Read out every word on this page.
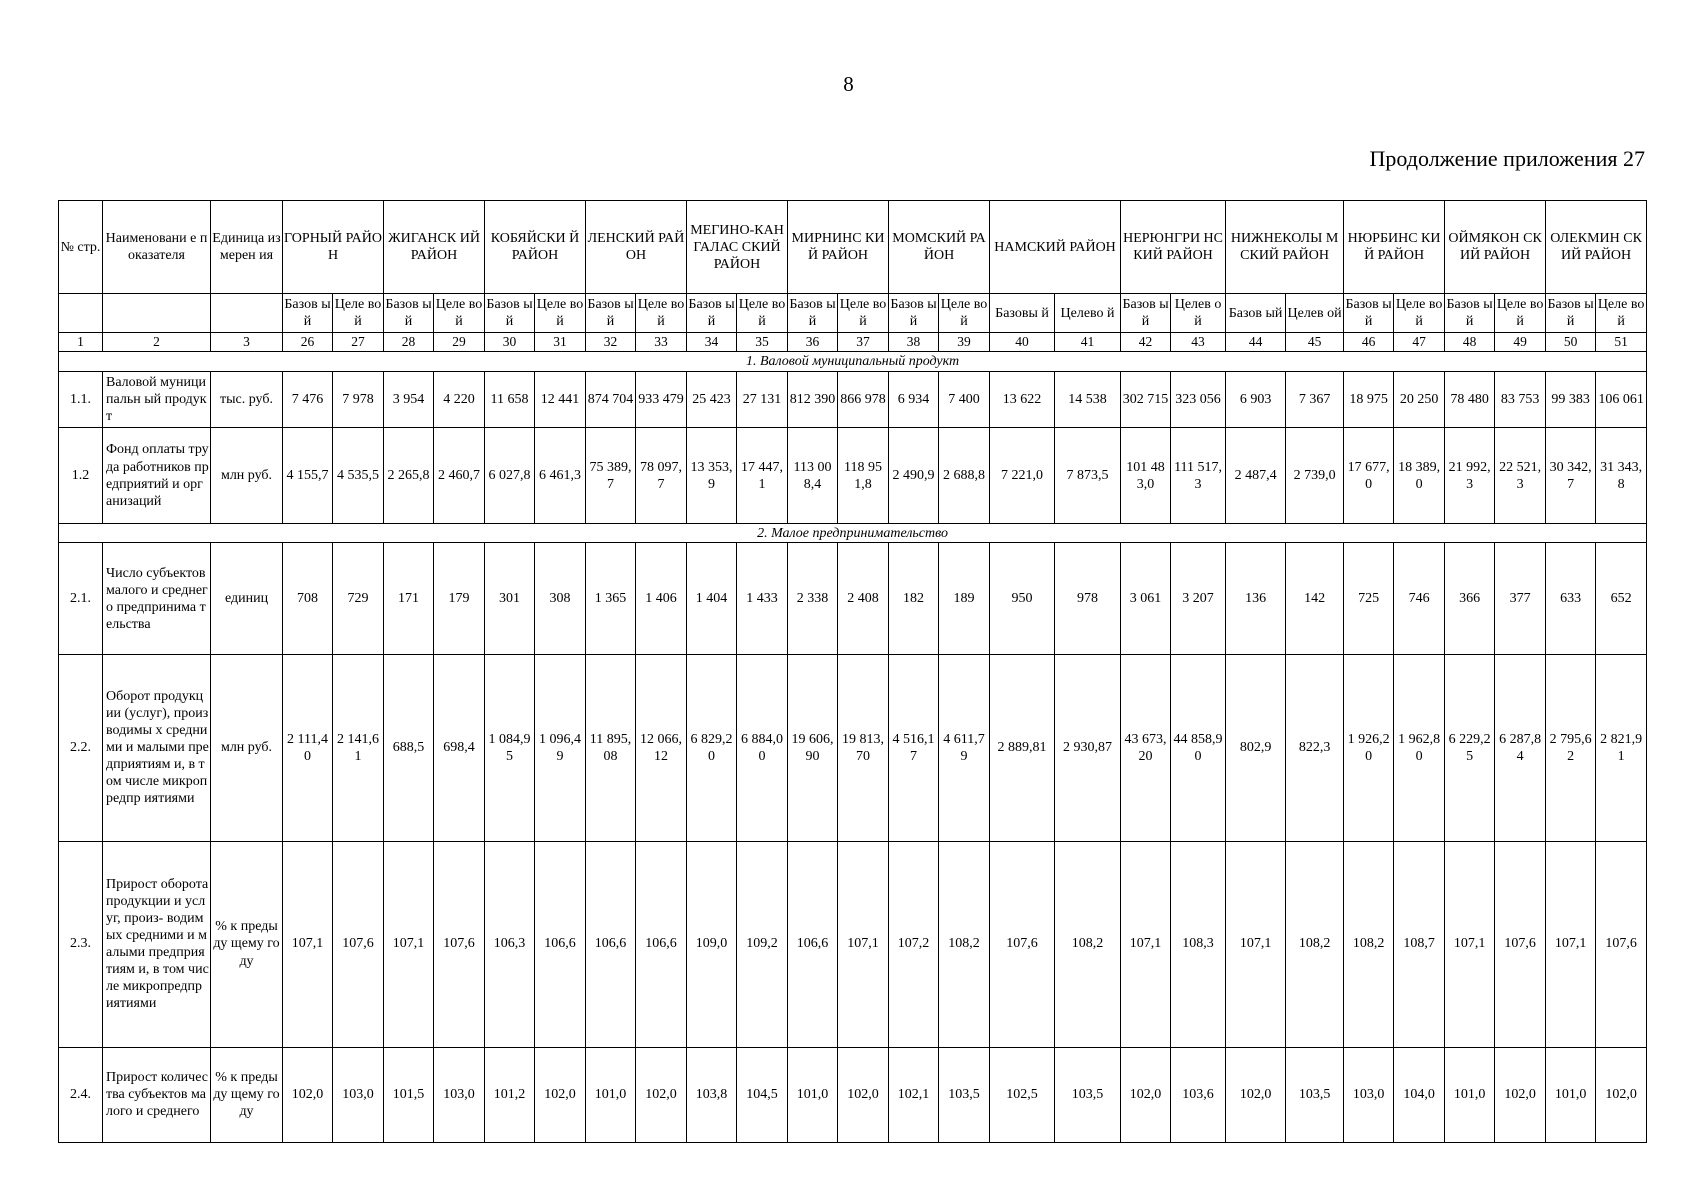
8
Продолжение приложения 27
№ стр.	Наименовани е показателя	Единица измерен ия	ГОРНЫЙ РАЙОН		ЖИГАНСК ИЙ РАЙОН		КОБЯЙСКИ Й РАЙОН		ЛЕНСКИЙ РАЙОН		МЕГИНО-КАНГАЛАС СКИЙ РАЙОН		МИРНИНС КИЙ РАЙОН		МОМСКИЙ РАЙОН		НАМСКИЙ РАЙОН		НЕРЮНГРИ НСКИЙ РАЙОН		НИЖНЕКОЛЫ МСКИЙ РАЙОН		НЮРБИНС КИЙ РАЙОН		ОЙМЯКОН СКИЙ РАЙОН		ОЛЕКМИН СКИЙ РАЙОН	
			Базов ый	Целе вой	Базов ый	Целе вой	Базов ый	Целе вой	Базов ый	Целе вой	Базов ый	Целе вой	Базов ый	Целе вой	Базов ый	Целе вой	Базовы й	Целево й	Базов ый	Целев ой	Базов ый	Целев ой	Базов ый	Целе вой	Базов ый	Целе вой	Базов ый	Целе вой
1	2	3	26	27	28	29	30	31	32	33	34	35	36	37	38	39	40	41	42	43	44	45	46	47	48	49	50	51
1. Валовой муниципальный продукт																												
1.1.	Валовой муниципальн ый продукт	тыс. руб.	7 476	7 978	3 954	4 220	11 658	12 441	874 704	933 479	25 423	27 131	812 390	866 978	6 934	7 400	13 622	14 538	302 715	323 056	6 903	7 367	18 975	20 250	78 480	83 753	99 383	106 061
1.2	Фонд оплаты труда работников предприятий и организаций	млн руб.	4 155,7	4 535,5	2 265,8	2 460,7	6 027,8	6 461,3	75 389,7	78 097,7	13 353,9	17 447,1	113 008,4	118 951,8	2 490,9	2 688,8	7 221,0	7 873,5	101 483,0	111 517,3	2 487,4	2 739,0	17 677,0	18 389,0	21 992,3	22 521,3	30 342,7	31 343,8
2. Малое предпринимательство																												
2.1.	Число субъектов малого и среднего предпринима тельства	единиц	708	729	171	179	301	308	1 365	1 406	1 404	1 433	2 338	2 408	182	189	950	978	3 061	3 207	136	142	725	746	366	377	633	652
2.2.	Оборот продукции (услуг), производимы х средними и малыми предприятиям и, в том числе микропредпр иятиями	млн руб.	2 111,40	2 141,61	688,5	698,4	1 084,95	1 096,49	11 895,08	12 066,12	6 829,20	6 884,00	19 606,90	19 813,70	4 516,17	4 611,79	2 889,81	2 930,87	43 673,20	44 858,90	802,9	822,3	1 926,20	1 962,80	6 229,25	6 287,84	2 795,62	2 821,91
2.3.	Прирост оборота продукции и услуг, произ- водимых средними и малыми предприятиям и, в том числе микропредпр иятиями	% к предыду щему году	107,1	107,6	107,1	107,6	106,3	106,6	106,6	106,6	109,0	109,2	106,6	107,1	107,2	108,2	107,6	108,2	107,1	108,3	107,1	108,2	108,2	108,7	107,1	107,6	107,1	107,6
2.4.	Прирост количества субъектов малого и среднего	% к предыду щему году	102,0	103,0	101,5	103,0	101,2	102,0	101,0	102,0	103,8	104,5	101,0	102,0	102,1	103,5	102,5	103,5	102,0	103,6	102,0	103,5	103,0	104,0	101,0	102,0	101,0	102,0
